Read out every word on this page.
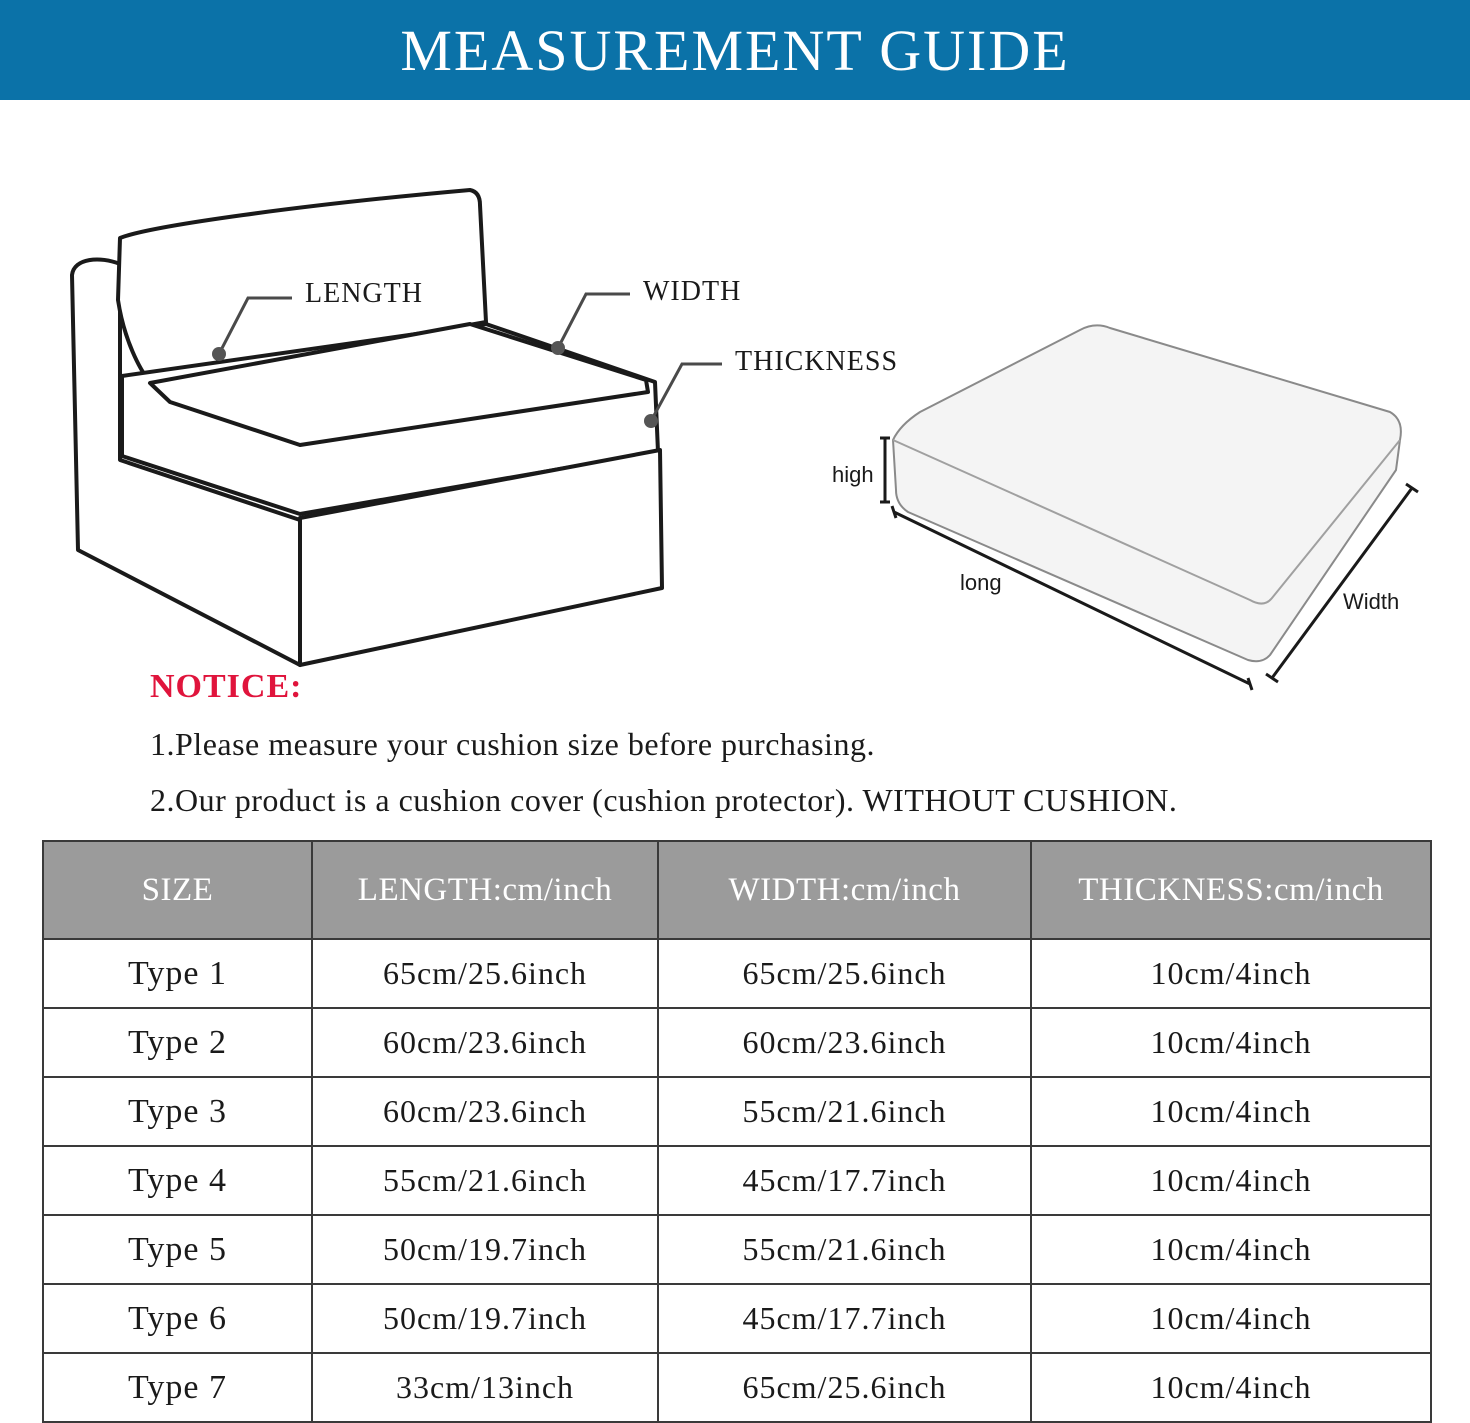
MEASUREMENT GUIDE
LENGTH	WIDTH
THICKNESS
high
long
Width
NOTICE:
1.Please measure your cushion size before purchasing.
2.Our product is a cushion cover (cushion protector). WITHOUT CUSHION.
SIZE	LENGTH:cm/inch	WIDTH:cm/inch	THICKNESS:cm/inch
Type 1	65cm/25.6inch	65cm/25.6inch	10cm/4inch
Type 2	60cm/23.6inch	60cm/23.6inch	10cm/4inch
Type 3	60cm/23.6inch	55cm/21.6inch	10cm/4inch
Type 4	55cm/21.6inch	45cm/17.7inch	10cm/4inch
Type 5	50cm/19.7inch	55cm/21.6inch	10cm/4inch
Type 6	50cm/19.7inch	45cm/17.7inch	10cm/4inch
Type 7	33cm/13inch	65cm/25.6inch	10cm/4inch
